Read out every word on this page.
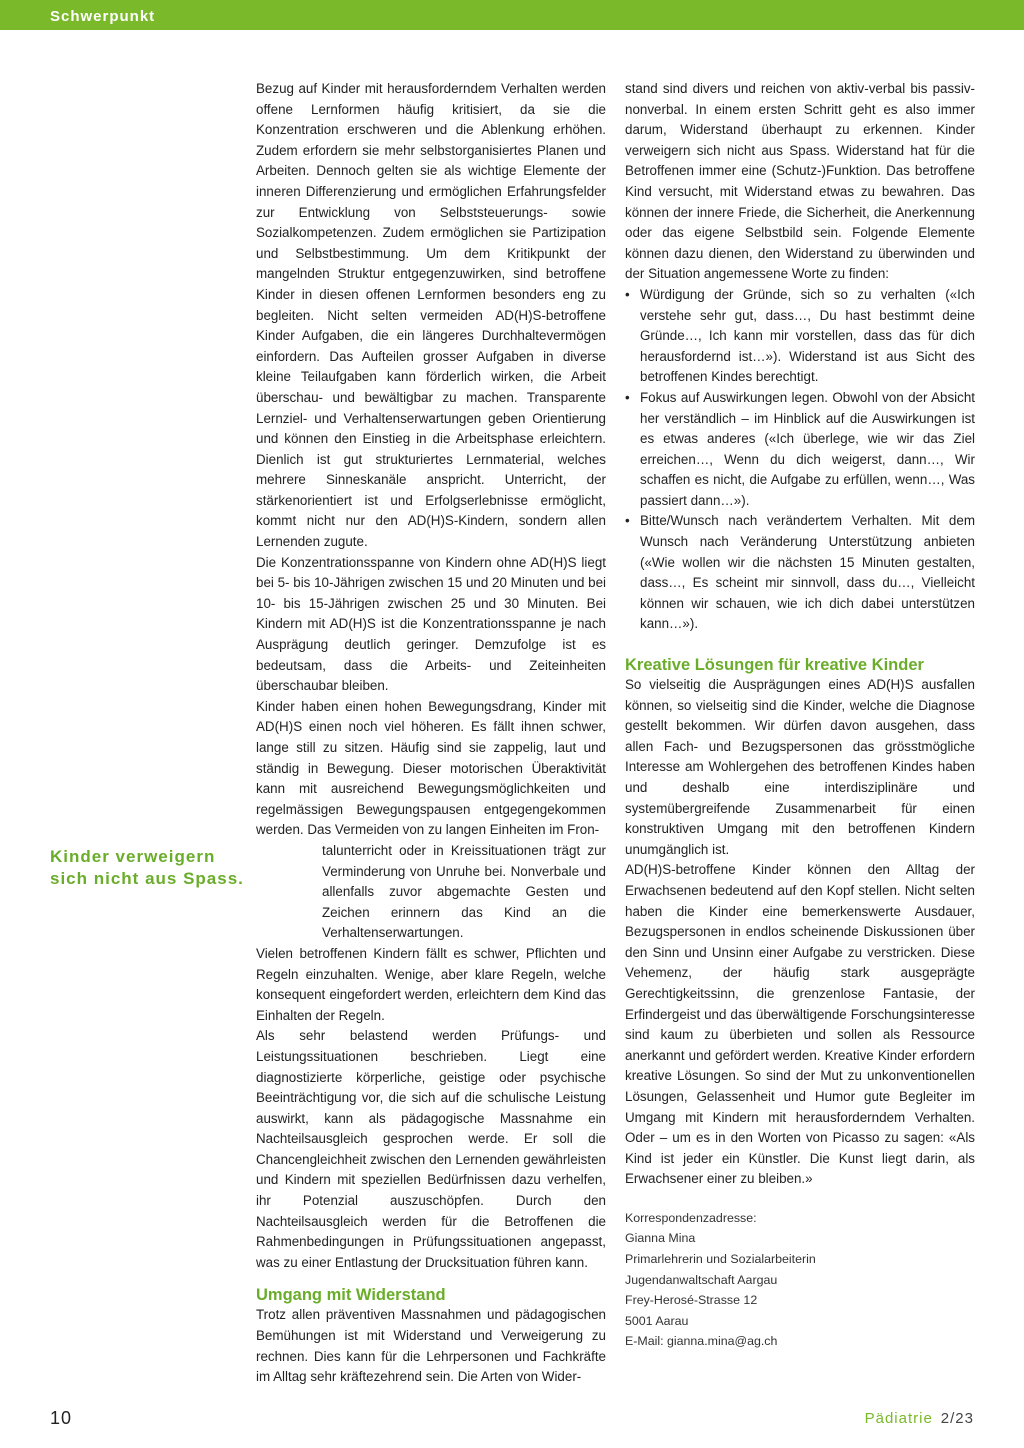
Schwerpunkt
Kinder verweigern
sich nicht aus Spass.

Bezug auf Kinder mit herausforderndem Verhalten werden offene Lernformen häufig kritisiert, da sie die Konzentration erschweren und die Ablenkung erhöhen. Zudem erfordern sie mehr selbstorganisiertes Planen und Arbeiten. Dennoch gelten sie als wichtige Elemente der inneren Differenzierung und ermöglichen Erfahrungsfelder zur Entwicklung von Selbststeuerungs- sowie Sozialkompetenzen. Zudem ermöglichen sie Partizipation und Selbstbestimmung. Um dem Kritikpunkt der mangelnden Struktur entgegenzuwirken, sind betroffene Kinder in diesen offenen Lernformen besonders eng zu begleiten. Nicht selten vermeiden AD(H)S-betroffene Kinder Aufgaben, die ein längeres Durchhaltevermögen einfordern. Das Aufteilen grosser Aufgaben in diverse kleine Teilaufgaben kann förderlich wirken, die Arbeit überschau- und bewältigbar zu machen. Transparente Lernziel- und Verhaltenserwartungen geben Orientierung und können den Einstieg in die Arbeitsphase erleichtern. Dienlich ist gut strukturiertes Lernmaterial, welches mehrere Sinneskanäle anspricht. Unterricht, der stärkenorientiert ist und Erfolgserlebnisse ermöglicht, kommt nicht nur den AD(H)S-Kindern, sondern allen Lernenden zugute.

Die Konzentrationsspanne von Kindern ohne AD(H)S liegt bei 5- bis 10-Jährigen zwischen 15 und 20 Minuten und bei 10- bis 15-Jährigen zwischen 25 und 30 Minuten. Bei Kindern mit AD(H)S ist die Konzentrationsspanne je nach Ausprägung deutlich geringer. Demzufolge ist es bedeutsam, dass die Arbeits- und Zeiteinheiten überschaubar bleiben.

Kinder haben einen hohen Bewegungsdrang, Kinder mit AD(H)S einen noch viel höheren. Es fällt ihnen schwer, lange still zu sitzen. Häufig sind sie zappelig, laut und ständig in Bewegung. Dieser motorischen Überaktivität kann mit ausreichend Bewegungsmöglichkeiten und regelmässigen Bewegungspausen entgegengekommen werden. Das Vermeiden von zu langen Einheiten im Fron-

talunterricht oder in Kreissituationen trägt zur Verminderung von Unruhe bei. Nonverbale und allenfalls zuvor abgemachte Gesten und Zeichen erinnern das Kind an die Verhaltenserwartungen.

Vielen betroffenen Kindern fällt es schwer, Pflichten und Regeln einzuhalten. Wenige, aber klare Regeln, welche konsequent eingefordert werden, erleichtern dem Kind das Einhalten der Regeln.

Als sehr belastend werden Prüfungs- und Leistungssituationen beschrieben. Liegt eine diagnostizierte körperliche, geistige oder psychische Beeinträchtigung vor, die sich auf die schulische Leistung auswirkt, kann als pädagogische Massnahme ein Nachteilsausgleich gesprochen werde. Er soll die Chancengleichheit zwischen den Lernenden gewährleisten und Kindern mit speziellen Bedürfnissen dazu verhelfen, ihr Potenzial auszuschöpfen. Durch den Nachteilsausgleich werden für die Betroffenen die Rahmenbedingungen in Prüfungssituationen angepasst, was zu einer Entlastung der Drucksituation führen kann.

Umgang mit Widerstand

Trotz allen präventiven Massnahmen und pädagogischen Bemühungen ist mit Widerstand und Verweigerung zu rechnen. Dies kann für die Lehrpersonen und Fachkräfte im Alltag sehr kräftezehrend sein. Die Arten von Wider-

stand sind divers und reichen von aktiv-verbal bis passiv-nonverbal. In einem ersten Schritt geht es also immer darum, Widerstand überhaupt zu erkennen. Kinder verweigern sich nicht aus Spass. Widerstand hat für die Betroffenen immer eine (Schutz-)Funktion. Das betroffene Kind versucht, mit Widerstand etwas zu bewahren. Das können der innere Friede, die Sicherheit, die Anerkennung oder das eigene Selbstbild sein. Folgende Elemente können dazu dienen, den Widerstand zu überwinden und der Situation angemessene Worte zu finden:

• Würdigung der Gründe, sich so zu verhalten («Ich verstehe sehr gut, dass…, Du hast bestimmt deine Gründe…, Ich kann mir vorstellen, dass das für dich herausfordernd ist…»). Widerstand ist aus Sicht des betroffenen Kindes berechtigt.
• Fokus auf Auswirkungen legen. Obwohl von der Absicht her verständlich – im Hinblick auf die Auswirkungen ist es etwas anderes («Ich überlege, wie wir das Ziel erreichen…, Wenn du dich weigerst, dann…, Wir schaffen es nicht, die Aufgabe zu erfüllen, wenn…, Was passiert dann…»).
• Bitte/Wunsch nach verändertem Verhalten. Mit dem Wunsch nach Veränderung Unterstützung anbieten («Wie wollen wir die nächsten 15 Minuten gestalten, dass…, Es scheint mir sinnvoll, dass du…, Vielleicht können wir schauen, wie ich dich dabei unterstützen kann…»).
Kreative Lösungen für kreative Kinder

So vielseitig die Ausprägungen eines AD(H)S ausfallen können, so vielseitig sind die Kinder, welche die Diagnose gestellt bekommen. Wir dürfen davon ausgehen, dass allen Fach- und Bezugspersonen das grösstmögliche Interesse am Wohlergehen des betroffenen Kindes haben und deshalb eine interdisziplinäre und systemübergreifende Zusammenarbeit für einen konstruktiven Umgang mit den betroffenen Kindern unumgänglich ist.

AD(H)S-betroffene Kinder können den Alltag der Erwachsenen bedeutend auf den Kopf stellen. Nicht selten haben die Kinder eine bemerkenswerte Ausdauer, Bezugspersonen in endlos scheinende Diskussionen über den Sinn und Unsinn einer Aufgabe zu verstricken. Diese Vehemenz, der häufig stark ausgeprägte Gerechtigkeitssinn, die grenzenlose Fantasie, der Erfindergeist und das überwältigende Forschungsinteresse sind kaum zu überbieten und sollen als Ressource anerkannt und gefördert werden. Kreative Kinder erfordern kreative Lösungen. So sind der Mut zu unkonventionellen Lösungen, Gelassenheit und Humor gute Begleiter im Umgang mit Kindern mit herausforderndem Verhalten. Oder – um es in den Worten von Picasso zu sagen: «Als Kind ist jeder ein Künstler. Die Kunst liegt darin, als Erwachsener einer zu bleiben.»

Korrespondenzadresse:
Gianna Mina
Primarlehrerin und Sozialarbeiterin
Jugendanwaltschaft Aargau
Frey-Herosé-Strasse 12
5001 Aarau
E-Mail: gianna.mina@ag.ch
10	Pädiatrie 2/23
